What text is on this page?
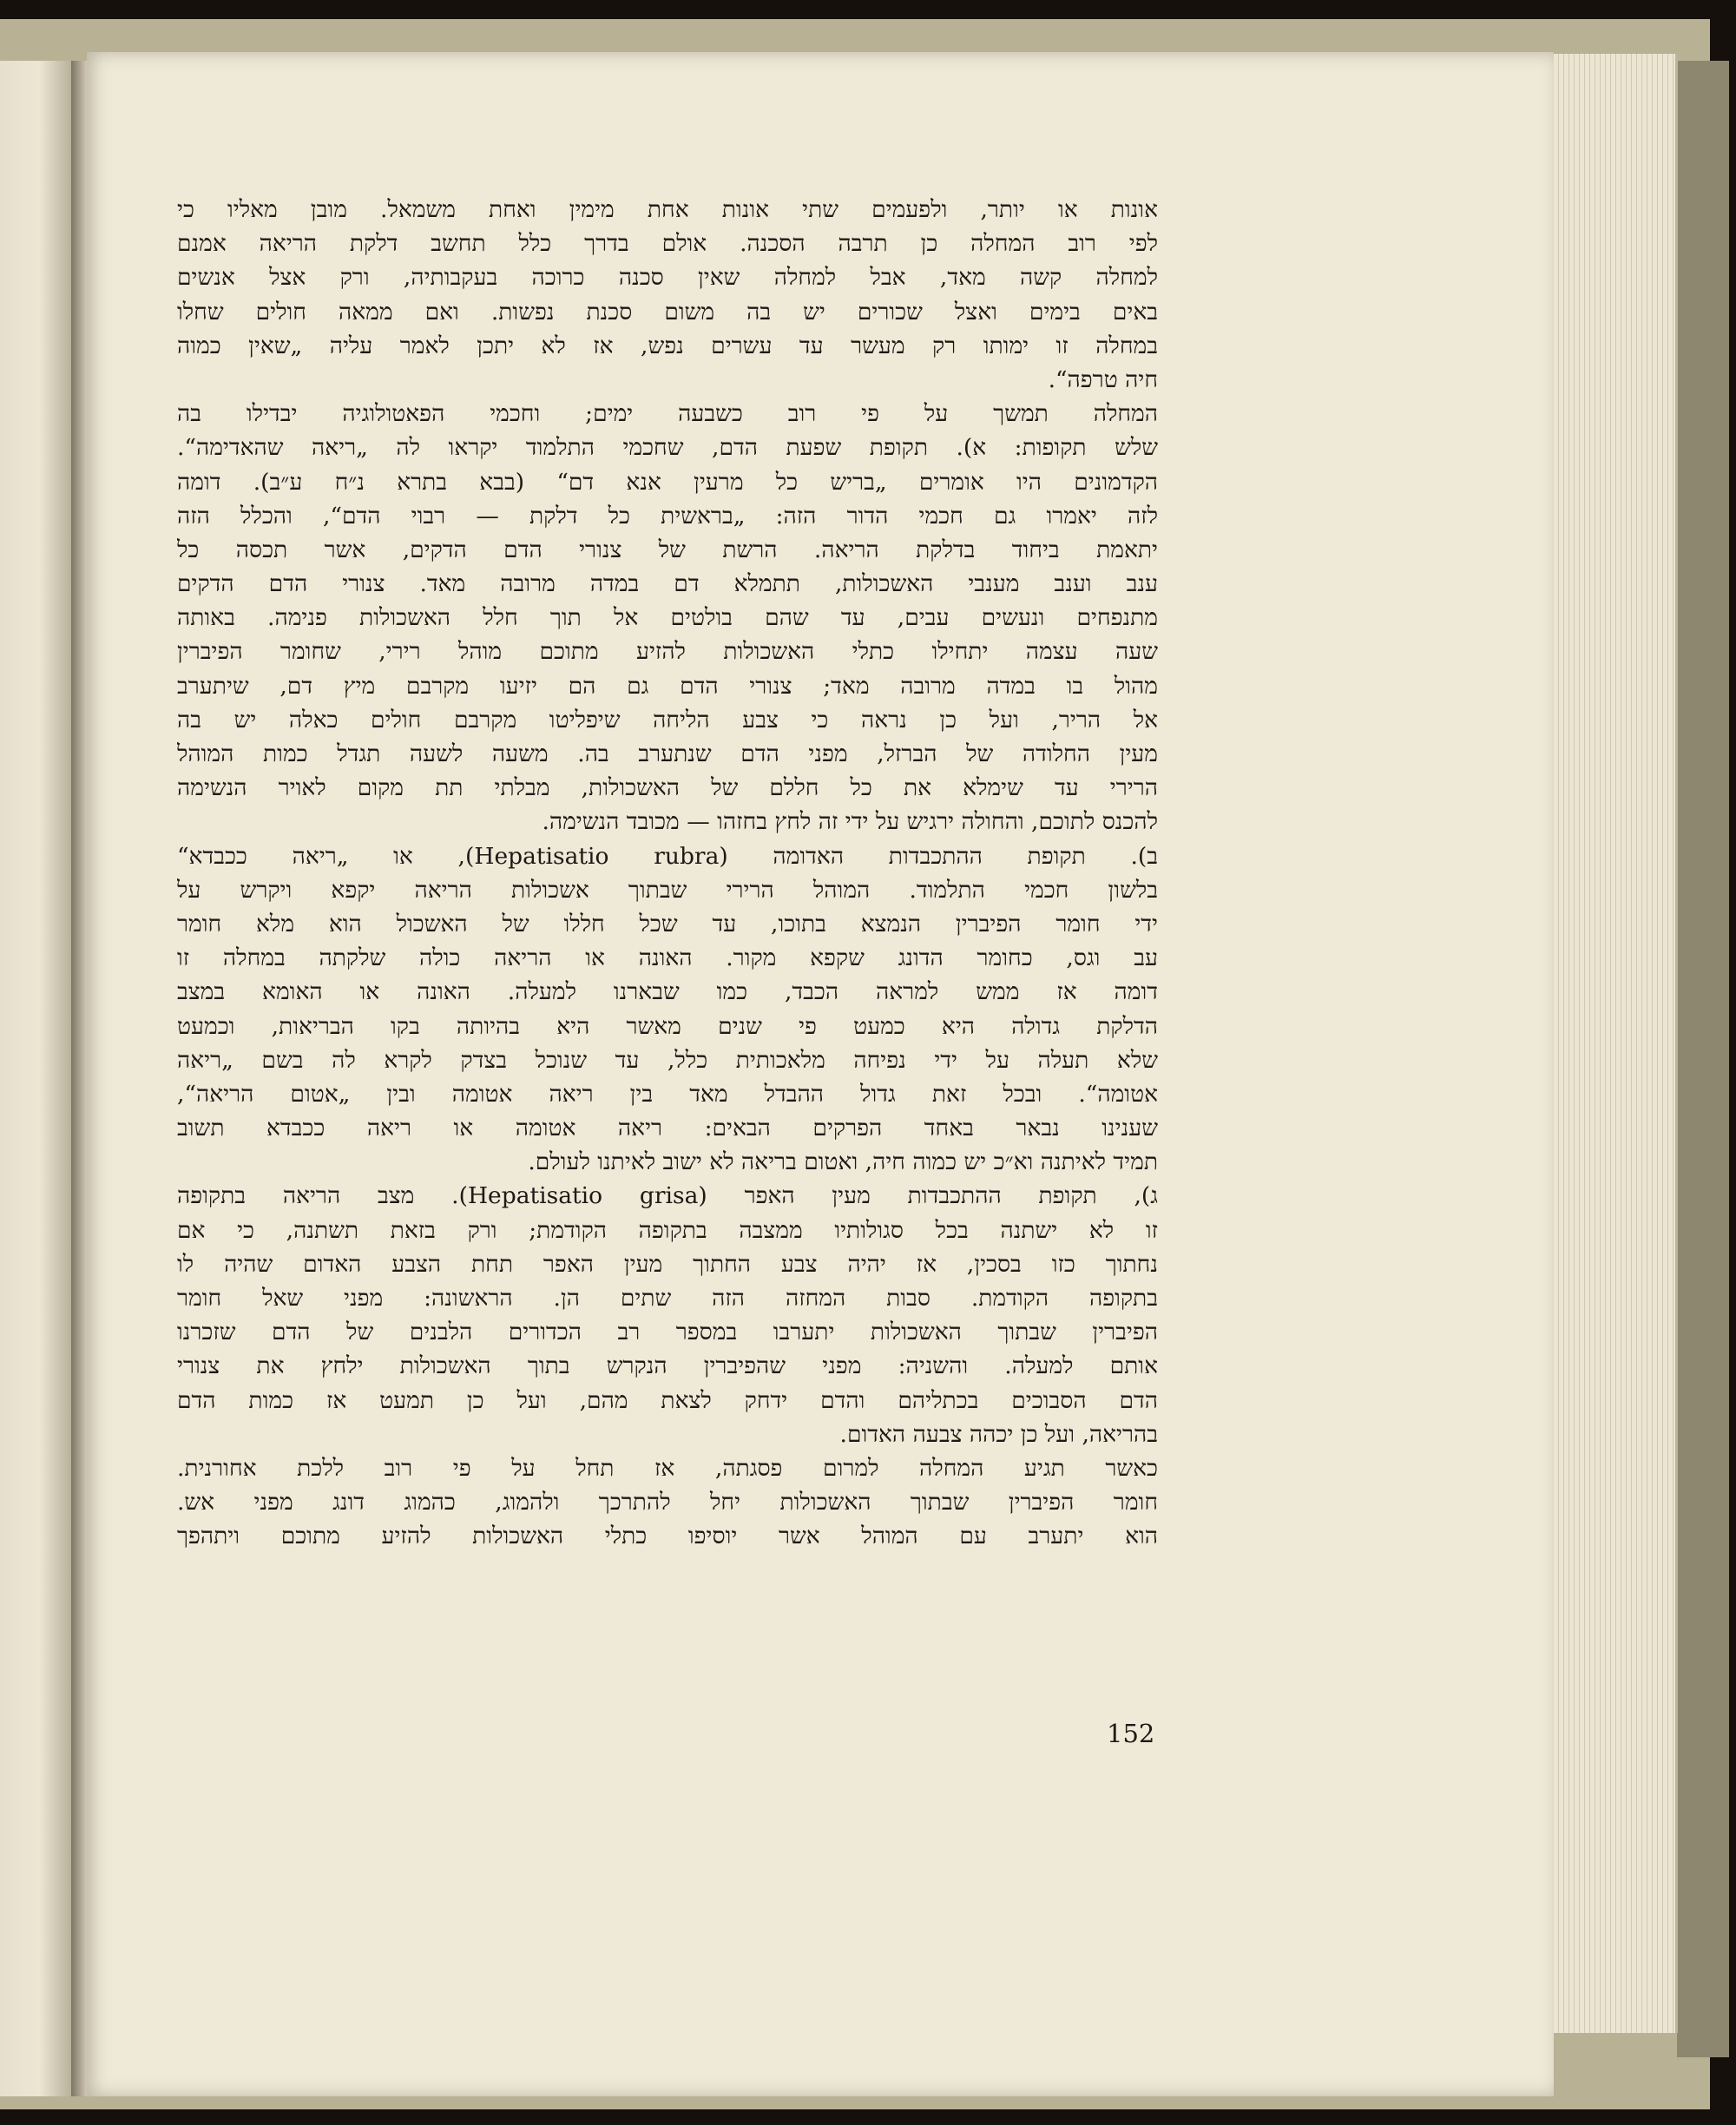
אונות או יותר, ולפעמים שתי אונות אחת מימין ואחת משמאל. מובן מאליו כי
לפי רוב המחלה כן תרבה הסכנה. אולם בדרך כלל תחשב דלקת הריאה אמנם
למחלה קשה מאד, אבל למחלה שאין סכנה כרוכה בעקבותיה, ורק אצל אנשים
באים בימים ואצל שכורים יש בה משום סכנת נפשות. ואם ממאה חולים שחלו
במחלה זו ימותו רק מעשר עד עשרים נפש, אז לא יתכן לאמר עליה „שאין כמוה
חיה טרפה“.
המחלה תמשך על פי רוב כשבעה ימים; וחכמי הפאטולוגיה יבדילו בה
שלש תקופות: א). תקופת שפעת הדם, שחכמי התלמוד יקראו לה „ריאה שהאדימה“.
הקדמונים היו אומרים „בריש כל מרעין אנא דם“ (בבא בתרא נ״ח ע״ב). דומה
לזה יאמרו גם חכמי הדור הזה: „בראשית כל דלקת — רבוי הדם“, והכלל הזה
יתאמת ביחוד בדלקת הריאה. הרשת של צנורי הדם הדקים, אשר תכסה כל
ענב וענב מענבי האשכולות, תתמלא דם במדה מרובה מאד. צנורי הדם הדקים
מתנפחים ונעשים עבים, עד שהם בולטים אל תוך חלל האשכולות פנימה. באותה
שעה עצמה יתחילו כתלי האשכולות להזיע מתוכם מוהל רירי, שחומר הפיברין
מהול בו במדה מרובה מאד; צנורי הדם גם הם יזיעו מקרבם מיץ דם, שיתערב
אל הריר, ועל כן נראה כי צבע הליחה שיפליטו מקרבם חולים כאלה יש בה
מעין החלודה של הברזל, מפני הדם שנתערב בה. משעה לשעה תגדל כמות המוהל
הרירי עד שימלא את כל חללם של האשכולות, מבלתי תת מקום לאויר הנשימה
להכנס לתוכם, והחולה ירגיש על ידי זה לחץ בחזהו — מכובד הנשימה.
ב). תקופת ההתכבדות האדומה (Hepatisatio rubra), או „ריאה ככבדא“
בלשון חכמי התלמוד. המוהל הרירי שבתוך אשכולות הריאה יקפא ויקרש על
ידי חומר הפיברין הנמצא בתוכו, עד שכל חללו של האשכול הוא מלא חומר
עב וגס, כחומר הדונג שקפא מקור. האונה או הריאה כולה שלקתה במחלה זו
דומה אז ממש למראה הכבד, כמו שבארנו למעלה. האונה או האומא במצב
הדלקת גדולה היא כמעט פי שנים מאשר היא בהיותה בקו הבריאות, וכמעט
שלא תעלה על ידי נפיחה מלאכותית כלל, עד שנוכל בצדק לקרא לה בשם „ריאה
אטומה“. ובכל זאת גדול ההבדל מאד בין ריאה אטומה ובין „אטום הריאה“,
שענינו נבאר באחד הפרקים הבאים: ריאה אטומה או ריאה ככבדא תשוב
תמיד לאיתנה וא״כ יש כמוה חיה, ואטום בריאה לא ישוב לאיתנו לעולם.
ג), תקופת ההתכבדות מעין האפר (Hepatisatio grisa). מצב הריאה בתקופה
זו לא ישתנה בכל סגולותיו ממצבה בתקופה הקודמת; ורק בזאת תשתנה, כי אם
נחתוך כזו בסכין, אז יהיה צבע החתוך מעין האפר תחת הצבע האדום שהיה לו
בתקופה הקודמת. סבות המחזה הזה שתים הן. הראשונה: מפני שאל חומר
הפיברין שבתוך האשכולות יתערבו במספר רב הכדורים הלבנים של הדם שזכרנו
אותם למעלה. והשניה: מפני שהפיברין הנקרש בתוך האשכולות ילחץ את צנורי
הדם הסבוכים בכתליהם והדם ידחק לצאת מהם, ועל כן תמעט אז כמות הדם
בהריאה, ועל כן יכהה צבעה האדום.
כאשר תגיע המחלה למרום פסגתה, אז תחל על פי רוב ללכת אחורנית.
חומר הפיברין שבתוך האשכולות יחל להתרכך ולהמוג, כהמוג דונג מפני אש.
הוא יתערב עם המוהל אשר יוסיפו כתלי האשכולות להזיע מתוכם ויתהפך
152
